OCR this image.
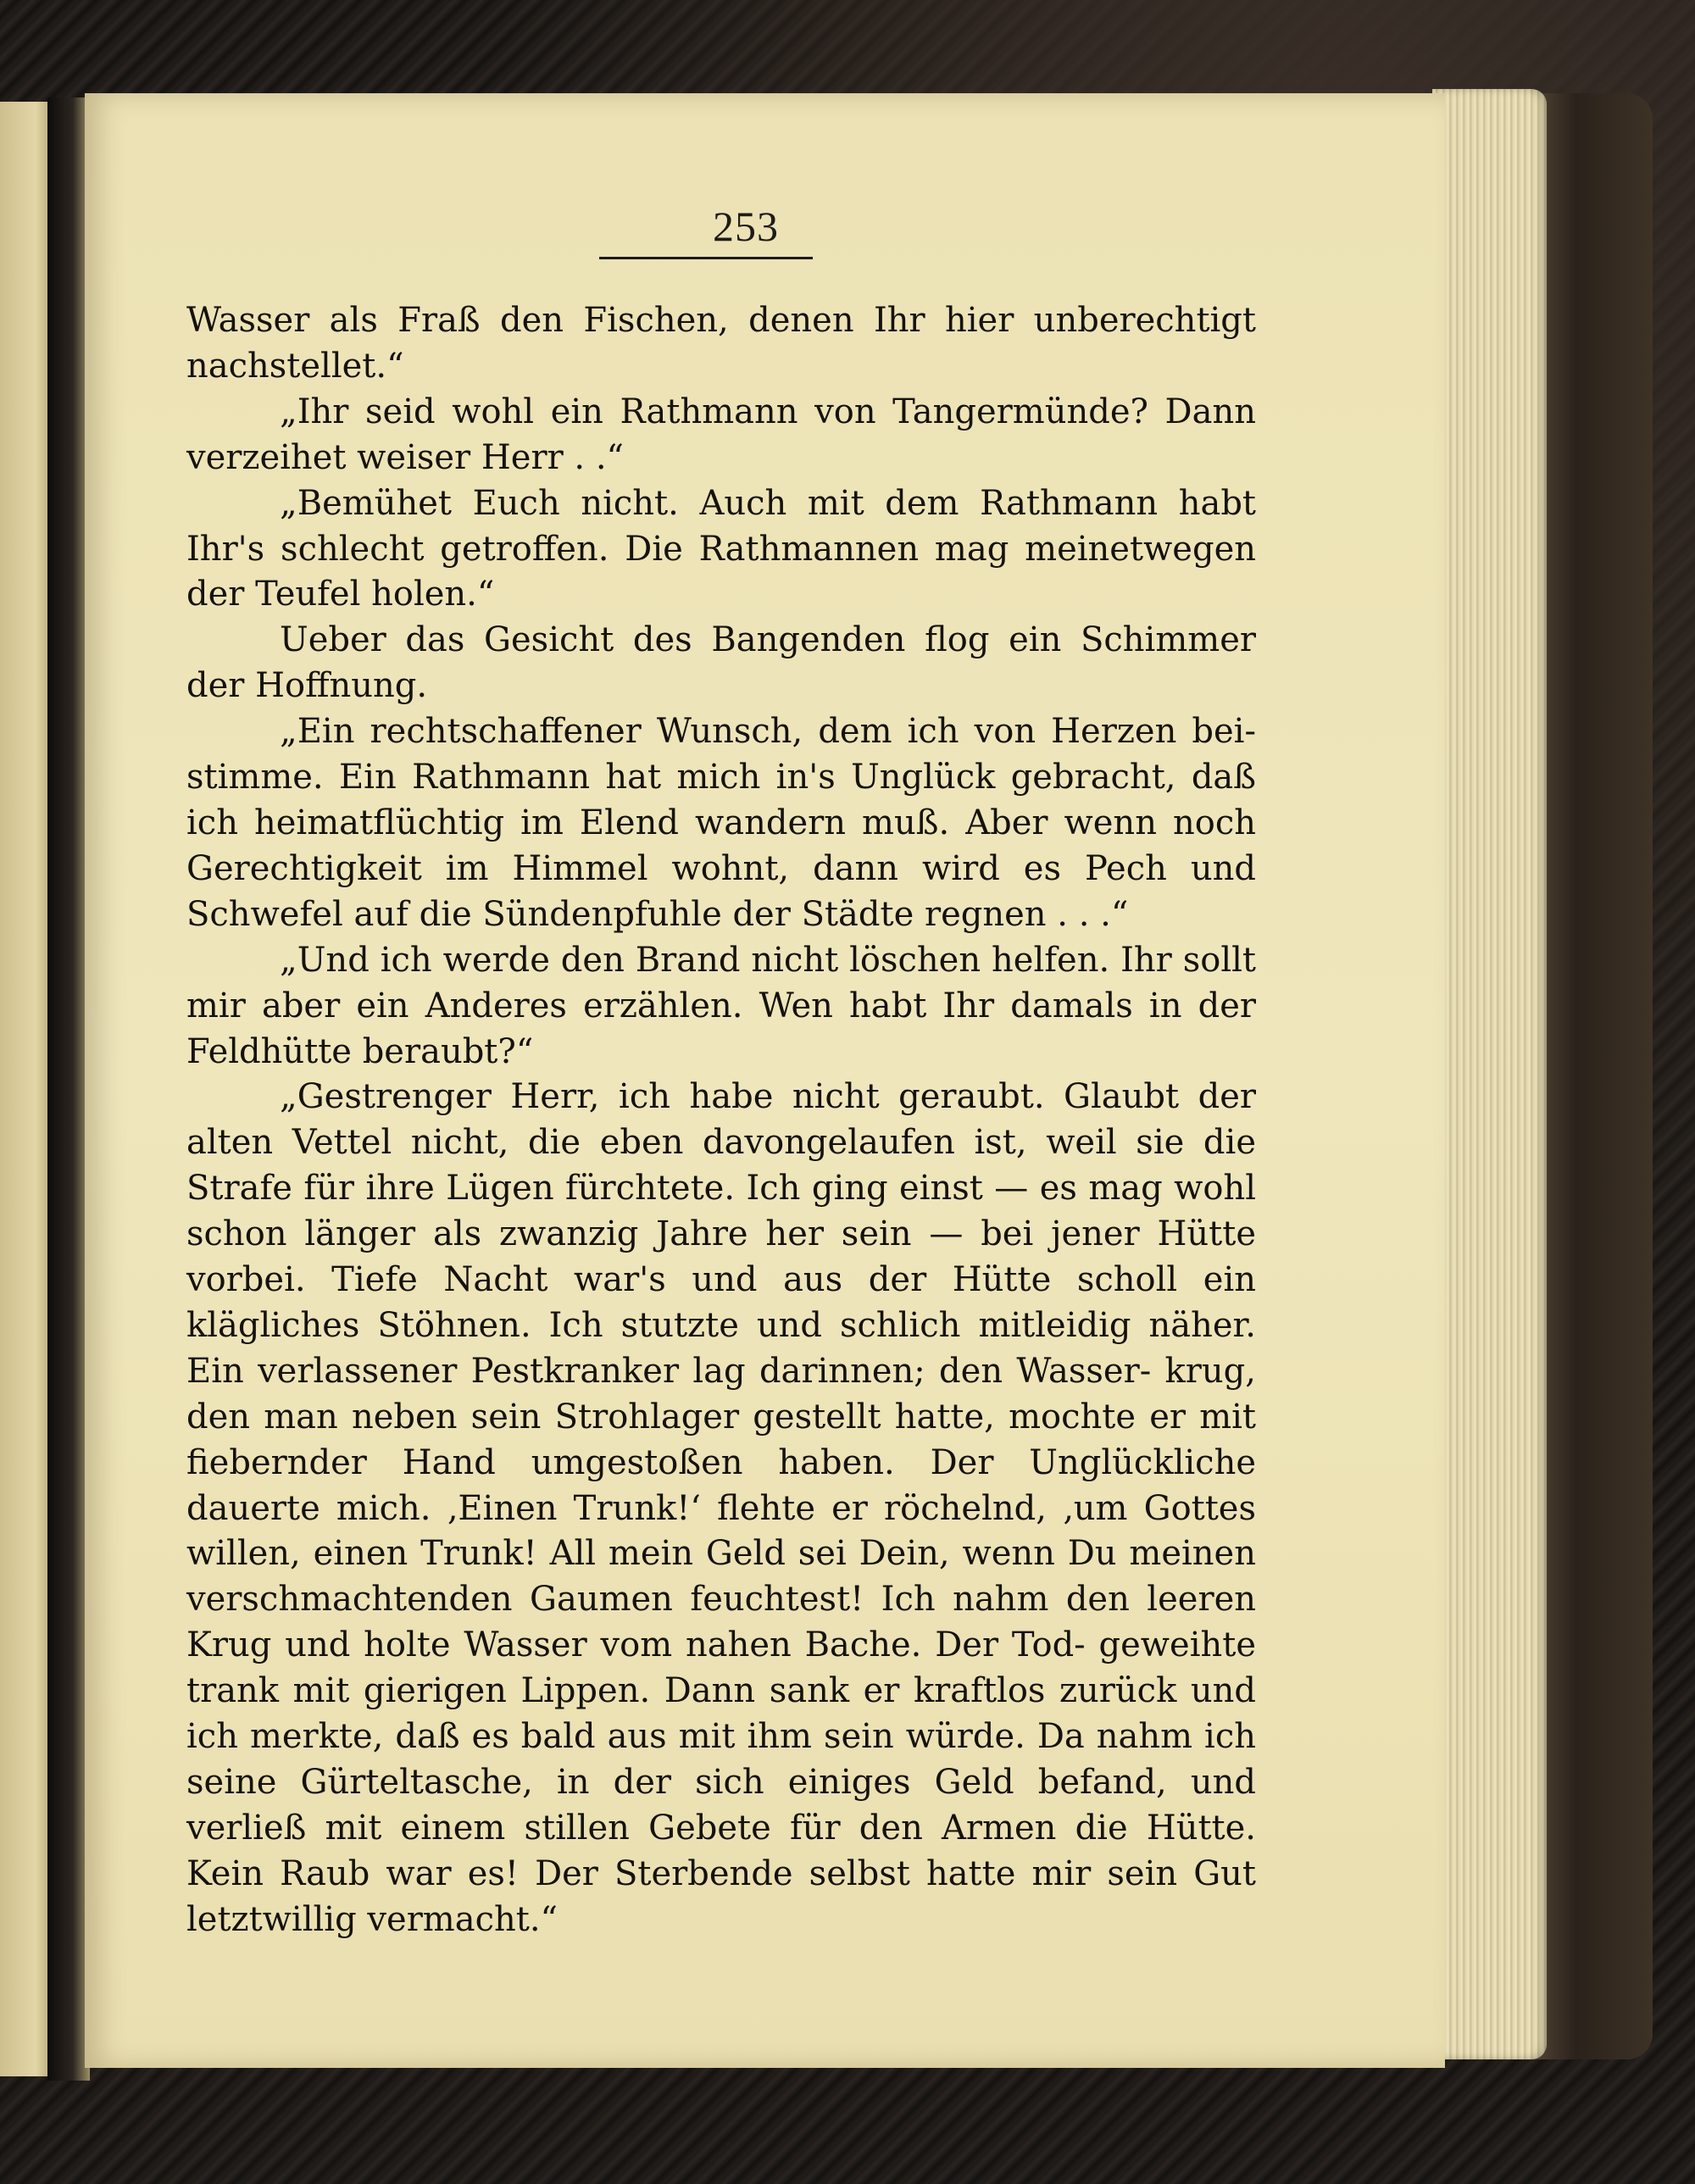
253

Wasser als Fraß den Fischen, denen Ihr hier unberechtigt nachstellet.“

„Ihr seid wohl ein Rathmann von Tangermünde? Dann verzeihet weiser Herr . .“

„Bemühet Euch nicht. Auch mit dem Rathmann habt Ihr's schlecht getroffen. Die Rathmannen mag meinetwegen der Teufel holen.“

Ueber das Gesicht des Bangenden flog ein Schimmer der Hoffnung.

„Ein rechtschaffener Wunsch, dem ich von Herzen bei- stimme. Ein Rathmann hat mich in's Unglück gebracht, daß ich heimatflüchtig im Elend wandern muß. Aber wenn noch Gerechtigkeit im Himmel wohnt, dann wird es Pech und Schwefel auf die Sündenpfuhle der Städte regnen . . .“

„Und ich werde den Brand nicht löschen helfen. Ihr sollt mir aber ein Anderes erzählen. Wen habt Ihr damals in der Feldhütte beraubt?“

„Gestrenger Herr, ich habe nicht geraubt. Glaubt der alten Vettel nicht, die eben davongelaufen ist, weil sie die Strafe für ihre Lügen fürchtete. Ich ging einst — es mag wohl schon länger als zwanzig Jahre her sein — bei jener Hütte vorbei. Tiefe Nacht war's und aus der Hütte scholl ein klägliches Stöhnen. Ich stutzte und schlich mitleidig näher. Ein verlassener Pestkranker lag darinnen; den Wasser- krug, den man neben sein Strohlager gestellt hatte, mochte er mit fiebernder Hand umgestoßen haben. Der Unglückliche dauerte mich. ‚Einen Trunk!‘ flehte er röchelnd, ‚um Gottes willen, einen Trunk! All mein Geld sei Dein, wenn Du meinen verschmachtenden Gaumen feuchtest! Ich nahm den leeren Krug und holte Wasser vom nahen Bache. Der Tod- geweihte trank mit gierigen Lippen. Dann sank er kraftlos zurück und ich merkte, daß es bald aus mit ihm sein würde. Da nahm ich seine Gürteltasche, in der sich einiges Geld befand, und verließ mit einem stillen Gebete für den Armen die Hütte. Kein Raub war es! Der Sterbende selbst hatte mir sein Gut letztwillig vermacht.“
